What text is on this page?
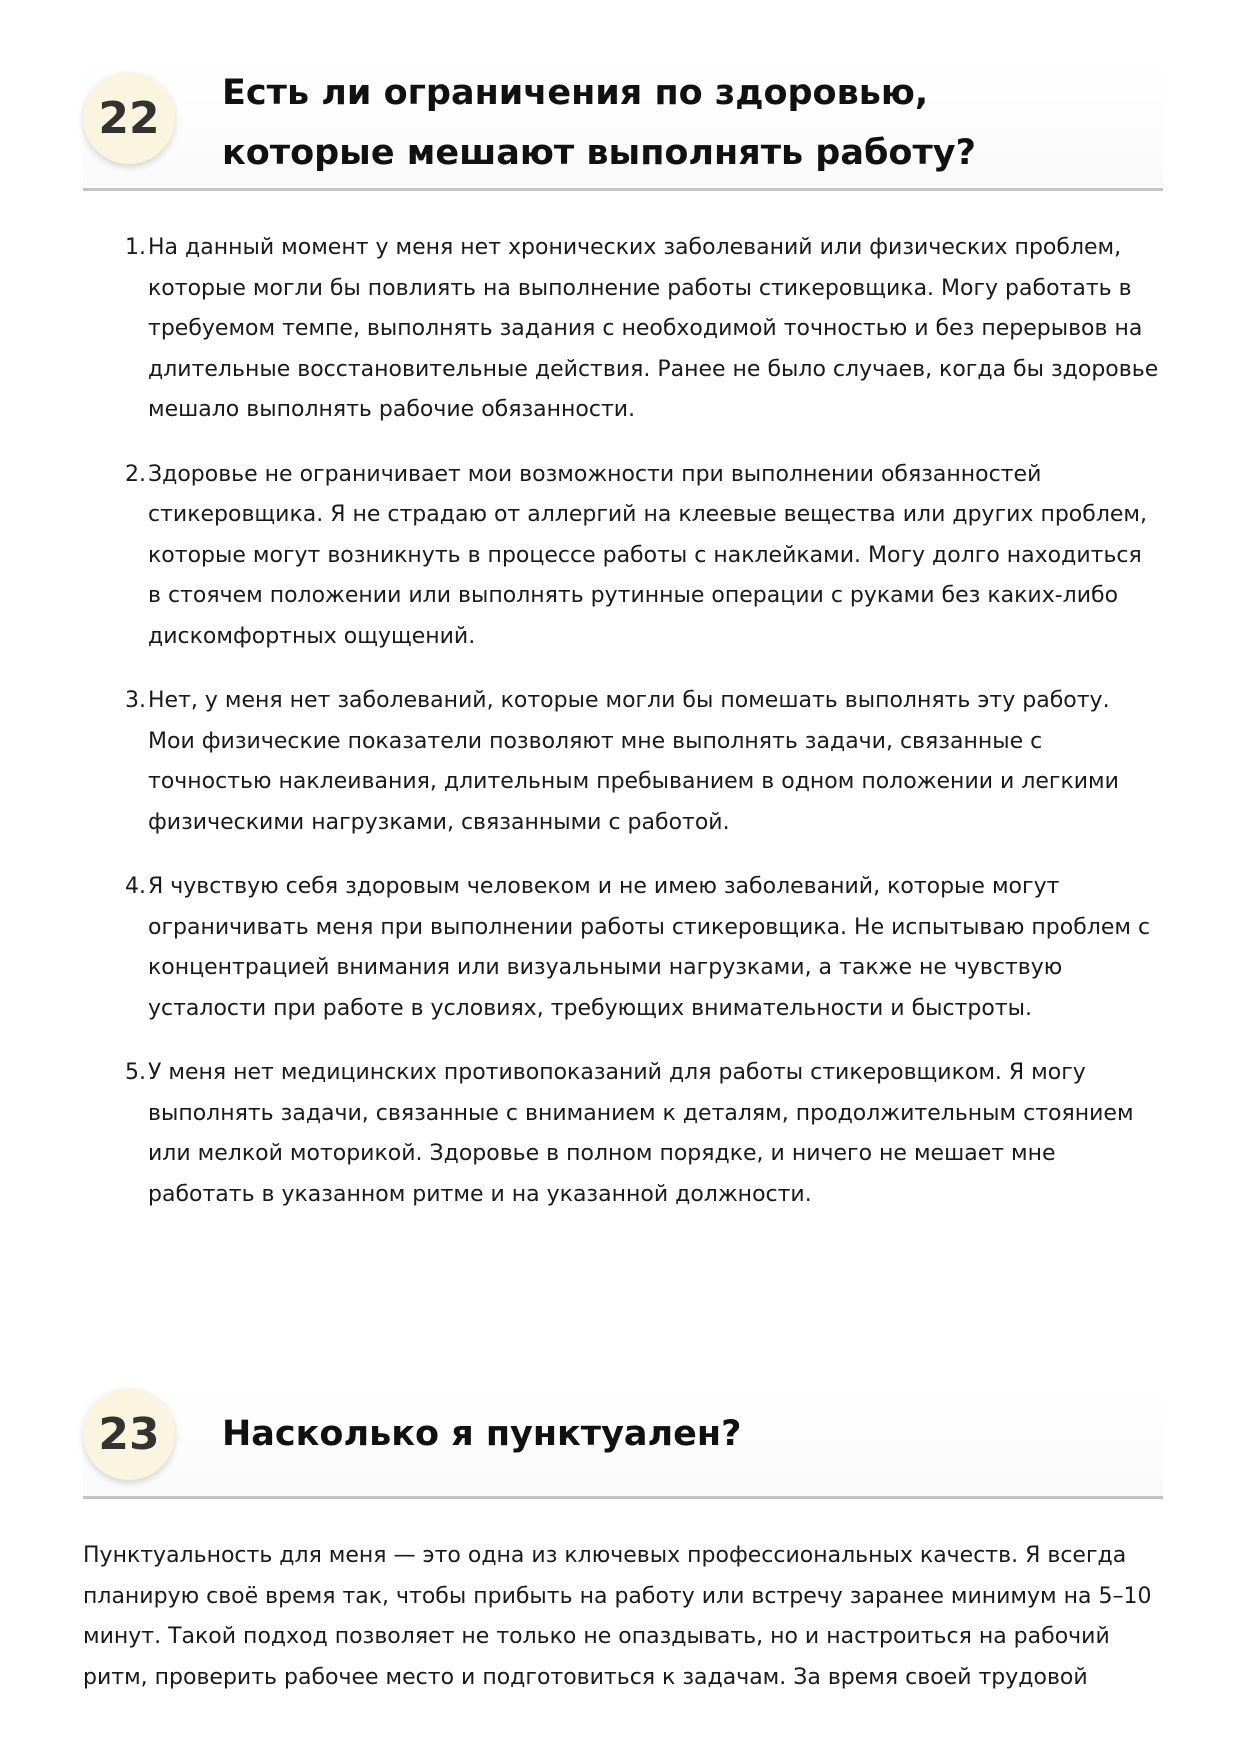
22 Есть ли ограничения по здоровью, которые мешают выполнять работу?
1. На данный момент у меня нет хронических заболеваний или физических проблем, которые могли бы повлиять на выполнение работы стикеровщика. Могу работать в требуемом темпе, выполнять задания с необходимой точностью и без перерывов на длительные восстановительные действия. Ранее не было случаев, когда бы здоровье мешало выполнять рабочие обязанности.
2. Здоровье не ограничивает мои возможности при выполнении обязанностей стикеровщика. Я не страдаю от аллергий на клеевые вещества или других проблем, которые могут возникнуть в процессе работы с наклейками. Могу долго находиться в стоячем положении или выполнять рутинные операции с руками без каких-либо дискомфортных ощущений.
3. Нет, у меня нет заболеваний, которые могли бы помешать выполнять эту работу. Мои физические показатели позволяют мне выполнять задачи, связанные с точностью наклеивания, длительным пребыванием в одном положении и легкими физическими нагрузками, связанными с работой.
4. Я чувствую себя здоровым человеком и не имею заболеваний, которые могут ограничивать меня при выполнении работы стикеровщика. Не испытываю проблем с концентрацией внимания или визуальными нагрузками, а также не чувствую усталости при работе в условиях, требующих внимательности и быстроты.
5. У меня нет медицинских противопоказаний для работы стикеровщиком. Я могу выполнять задачи, связанные с вниманием к деталям, продолжительным стоянием или мелкой моторикой. Здоровье в полном порядке, и ничего не мешает мне работать в указанном ритме и на указанной должности.
23 Насколько я пунктуален?

Пунктуальность для меня — это одна из ключевых профессиональных качеств. Я всегда планирую своё время так, чтобы прибыть на работу или встречу заранее минимум на 5–10 минут. Такой подход позволяет не только не опаздывать, но и настроиться на рабочий ритм, проверить рабочее место и подготовиться к задачам. За время своей трудовой
